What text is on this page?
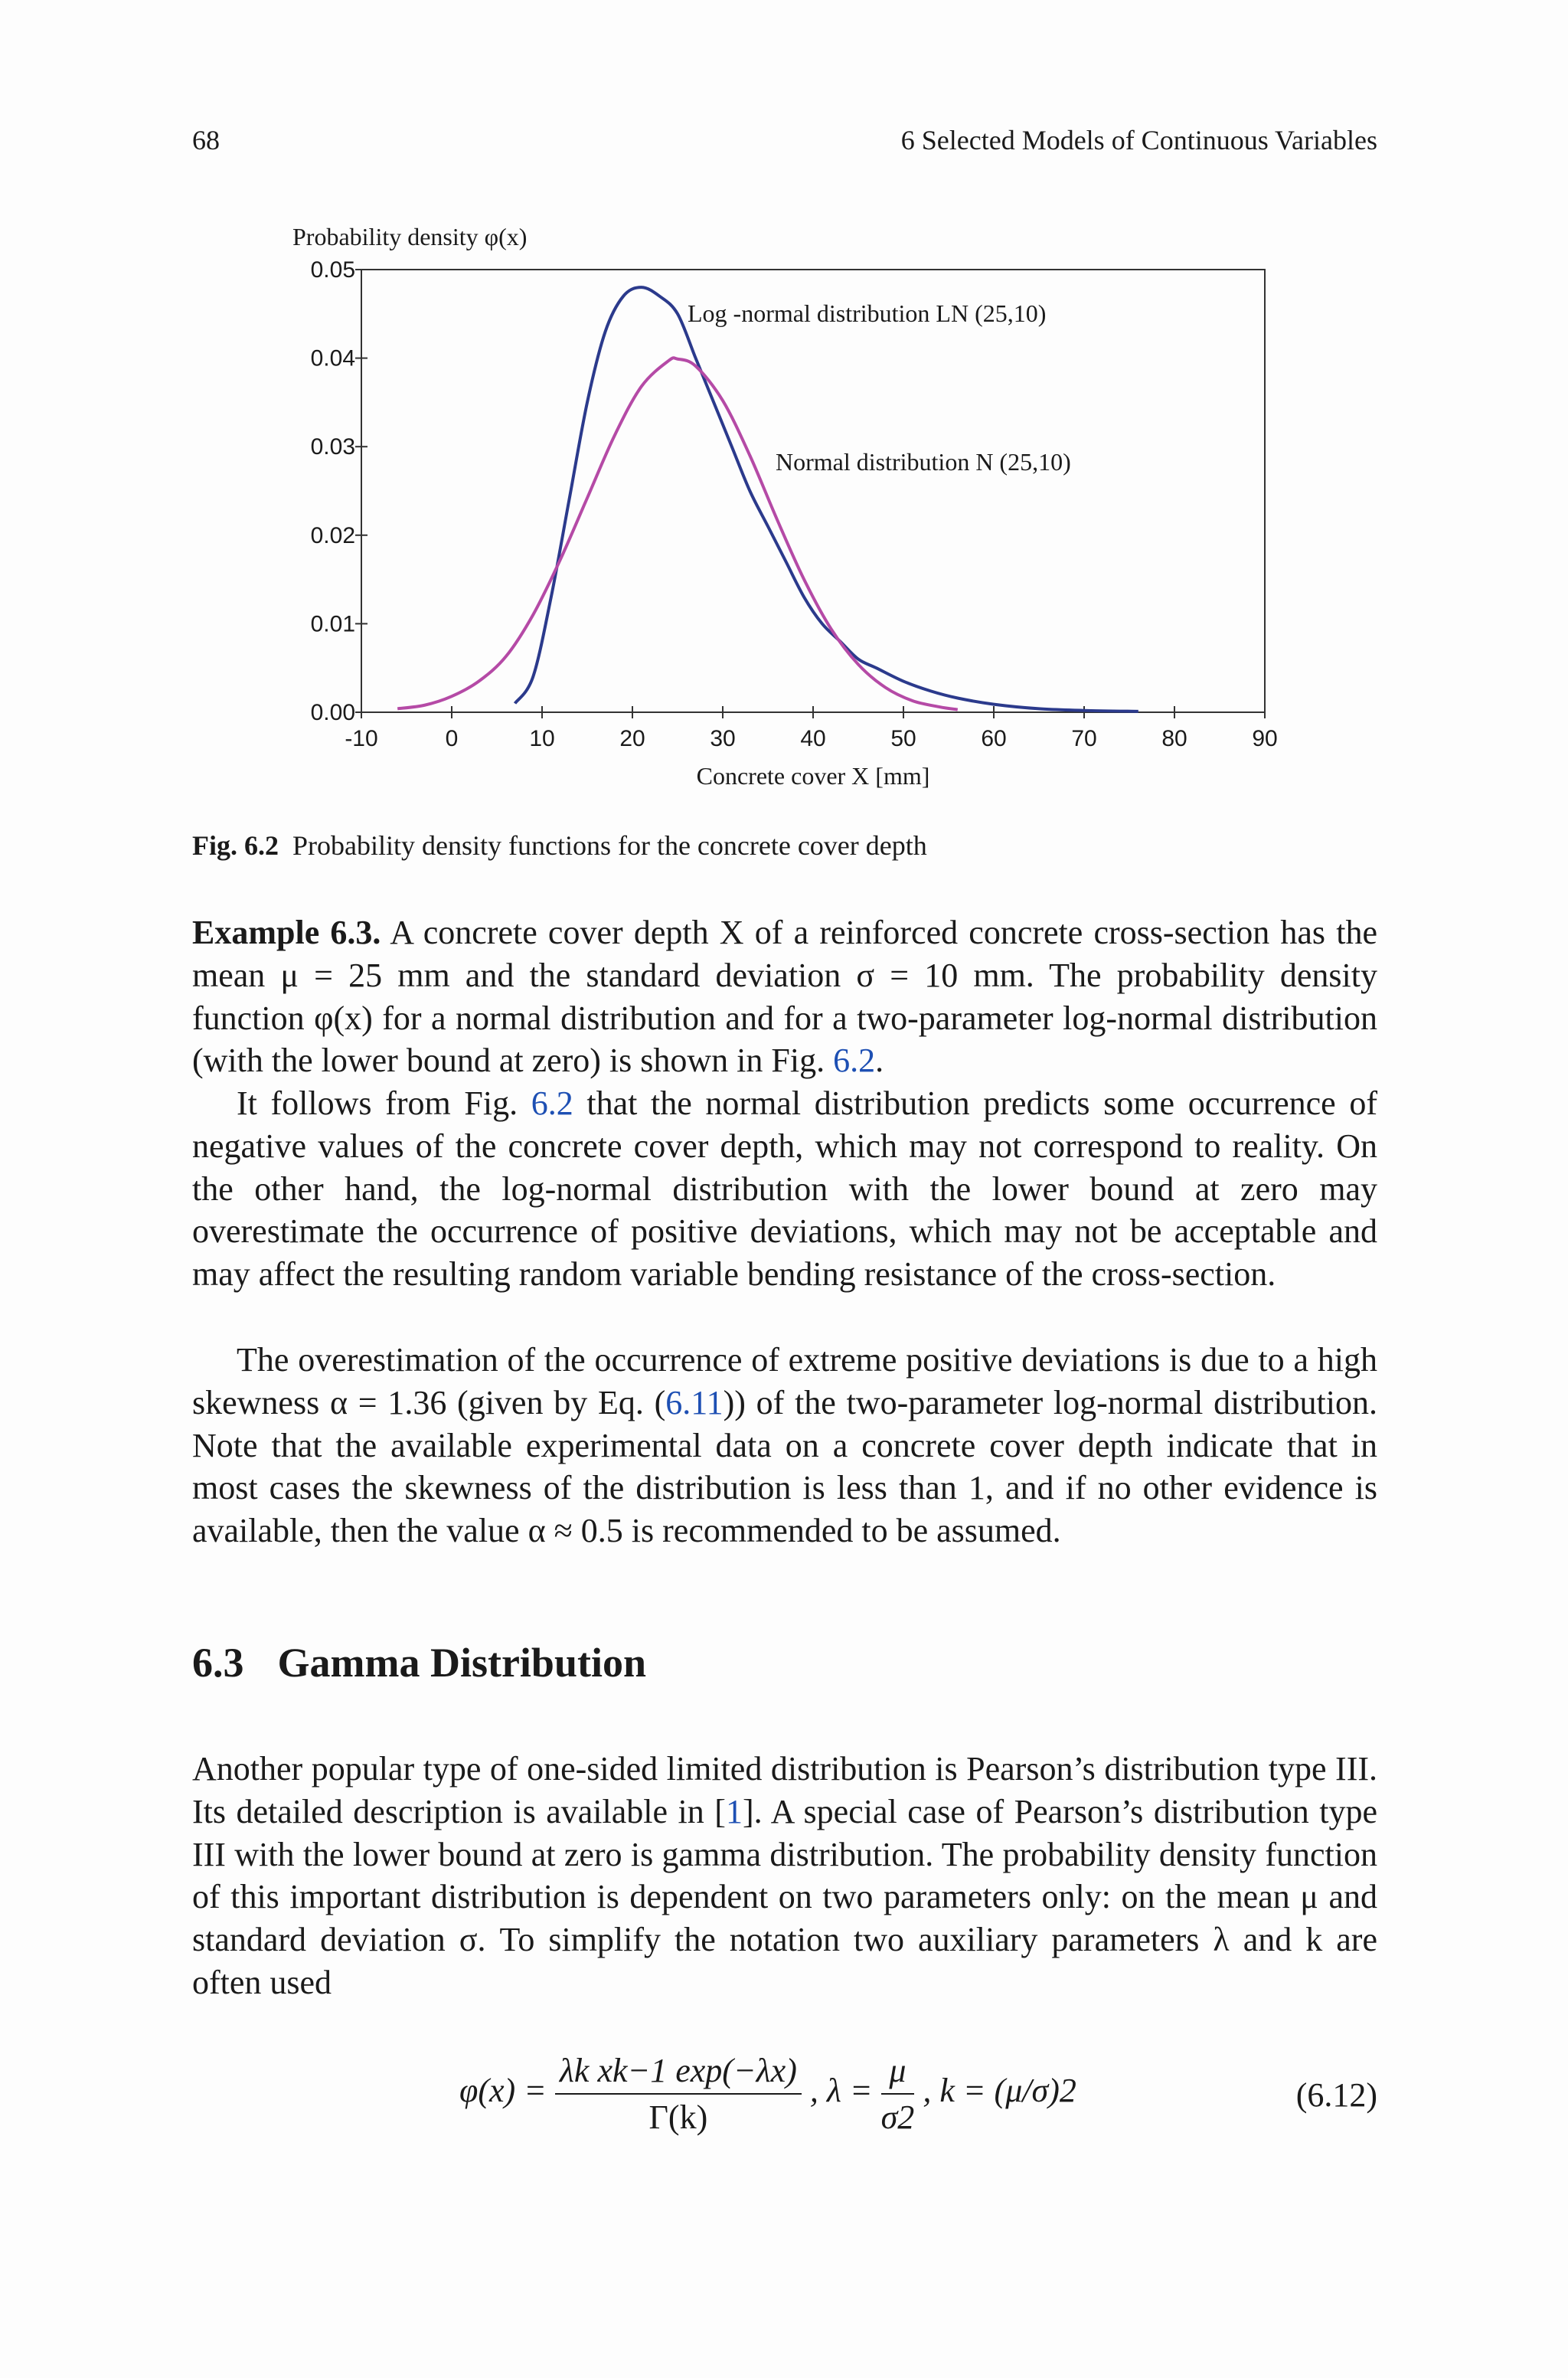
68	6 Selected Models of Continuous Variables
Probability density φ(x)
-10	0	10	20	30	40	50	60	70	80	90
0.00
0.01
0.02
0.03
0.04
0.05
Log -normal distribution LN (25,10)
Normal distribution N (25,10)
Concrete cover X [mm]
Fig. 6.2 Probability density functions for the concrete cover depth

Example 6.3. A concrete cover depth X of a reinforced concrete cross-section has the mean μ = 25 mm and the standard deviation σ = 10 mm. The probability density function φ(x) for a normal distribution and for a two-parameter log-normal distribution (with the lower bound at zero) is shown in Fig. 6.2.

It follows from Fig. 6.2 that the normal distribution predicts some occurrence of negative values of the concrete cover depth, which may not correspond to reality. On the other hand, the log-normal distribution with the lower bound at zero may overestimate the occurrence of positive deviations, which may not be acceptable and may affect the resulting random variable bending resistance of the cross-section.

The overestimation of the occurrence of extreme positive deviations is due to a high skewness α = 1.36 (given by Eq. (6.11)) of the two-parameter log-normal distribution. Note that the available experimental data on a concrete cover depth indicate that in most cases the skewness of the distribution is less than 1, and if no other evidence is available, then the value α ≈ 0.5 is recommended to be assumed.

6.3 Gamma Distribution

Another popular type of one-sided limited distribution is Pearson’s distribution type III. Its detailed description is available in [1]. A special case of Pearson’s distribution type III with the lower bound at zero is gamma distribution. The probability density function of this important distribution is dependent on two parameters only: on the mean μ and standard deviation σ. To simplify the notation two auxiliary parameters λ and k are often used

$\varphi(x) = \frac{\text{λk xk−1 exp(−λx)}}{\Gamma(k)}$ , $\lambda = \frac{\mu}{\sigma 2}$ , k = (μ/σ)2	(6.12)
